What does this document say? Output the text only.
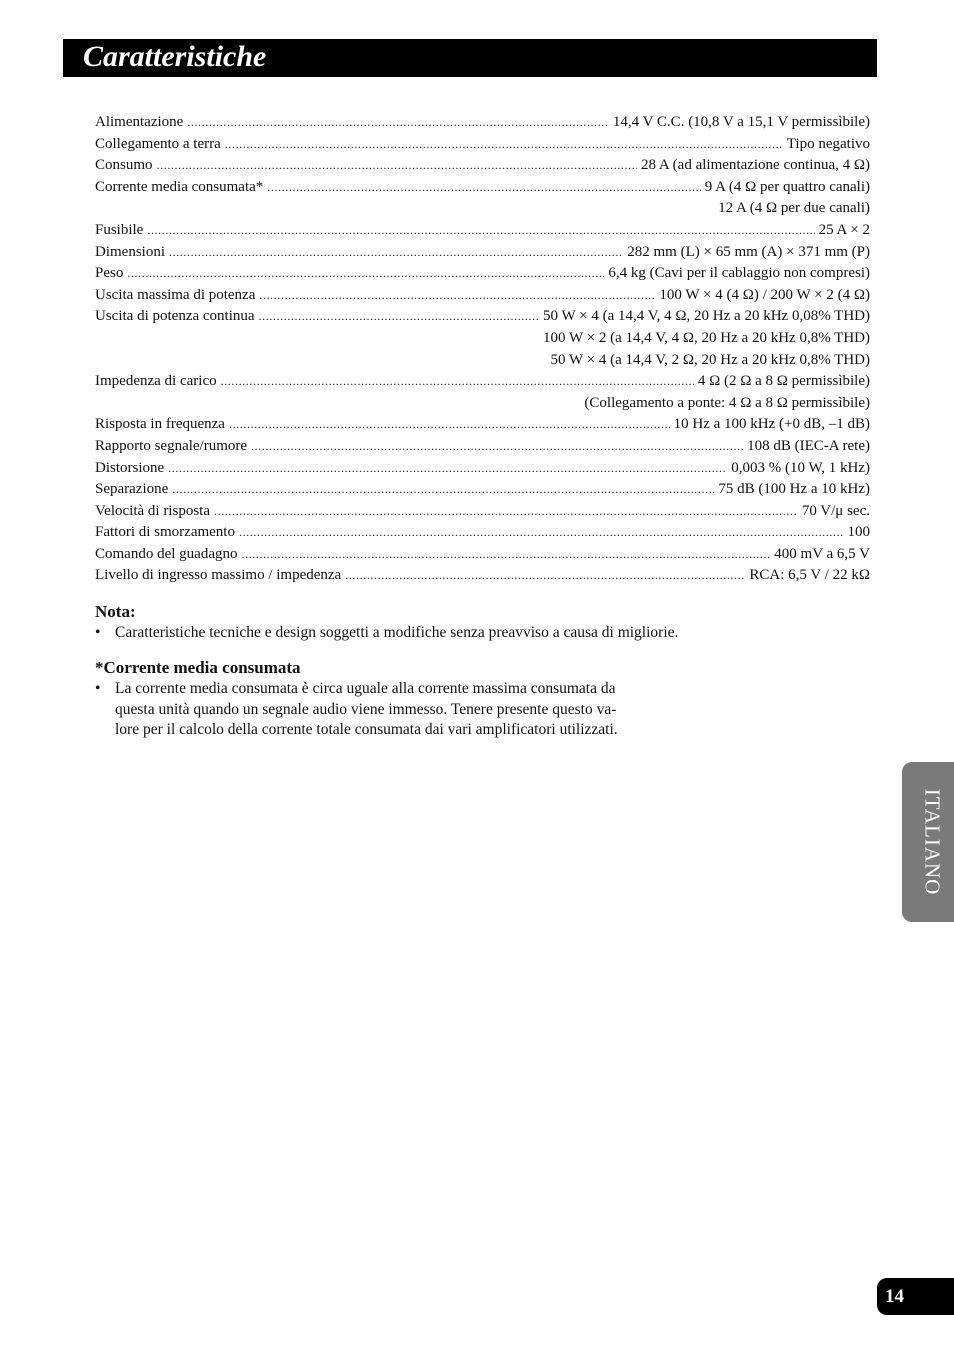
Caratteristiche
Alimentazione .....	14,4 V C.C. (10,8 V a 15,1 V permissìbile)
Collegamento a terra .....	Tipo negativo
Consumo .....	28 A (ad alimentazione continua, 4 Ω)
Corrente media consumata* .....	9 A (4 Ω per quattro canali)
12 A (4 Ω per due canali)
Fusibile .....	25 A × 2
Dimensioni .....	282 mm (L) × 65 mm (A) × 371 mm (P)
Peso .....	6,4 kg (Cavi per il cablaggio non compresi)
Uscita massima di potenza .....	100 W × 4 (4 Ω) / 200 W × 2 (4 Ω)
Uscita di potenza continua .....	50 W × 4 (a 14,4 V, 4 Ω, 20 Hz a 20 kHz 0,08% THD)
100 W × 2 (a 14,4 V, 4 Ω, 20 Hz a 20 kHz 0,8% THD)
50 W × 4 (a 14,4 V, 2 Ω, 20 Hz a 20 kHz 0,8% THD)
Impedenza di carico .....	4 Ω (2 Ω a 8 Ω permissìbile)
(Collegamento a ponte: 4 Ω a 8 Ω permissìbile)
Risposta in frequenza .....	10 Hz a 100 kHz (+0 dB, –1 dB)
Rapporto segnale/rumore .....	108 dB (IEC-A rete)
Distorsione .....	0,003 % (10 W, 1 kHz)
Separazione .....	75 dB (100 Hz a 10 kHz)
Velocità di risposta .....	70 V/μ sec.
Fattori di smorzamento .....	100
Comando del guadagno .....	400 mV a 6,5 V
Livello di ingresso massimo / impedenza .....	RCA: 6,5 V / 22 kΩ

Nota:

• Caratteristiche tecniche e design soggetti a modifiche senza preavviso a causa di migliorie.

*Corrente media consumata

• La corrente media consumata è circa uguale alla corrente massima consumata da
questa unità quando un segnale audio viene immesso. Tenere presente questo va-
lore per il calcolo della corrente totale consumata dai vari amplificatori utilizzati.
ITALIANO
14
